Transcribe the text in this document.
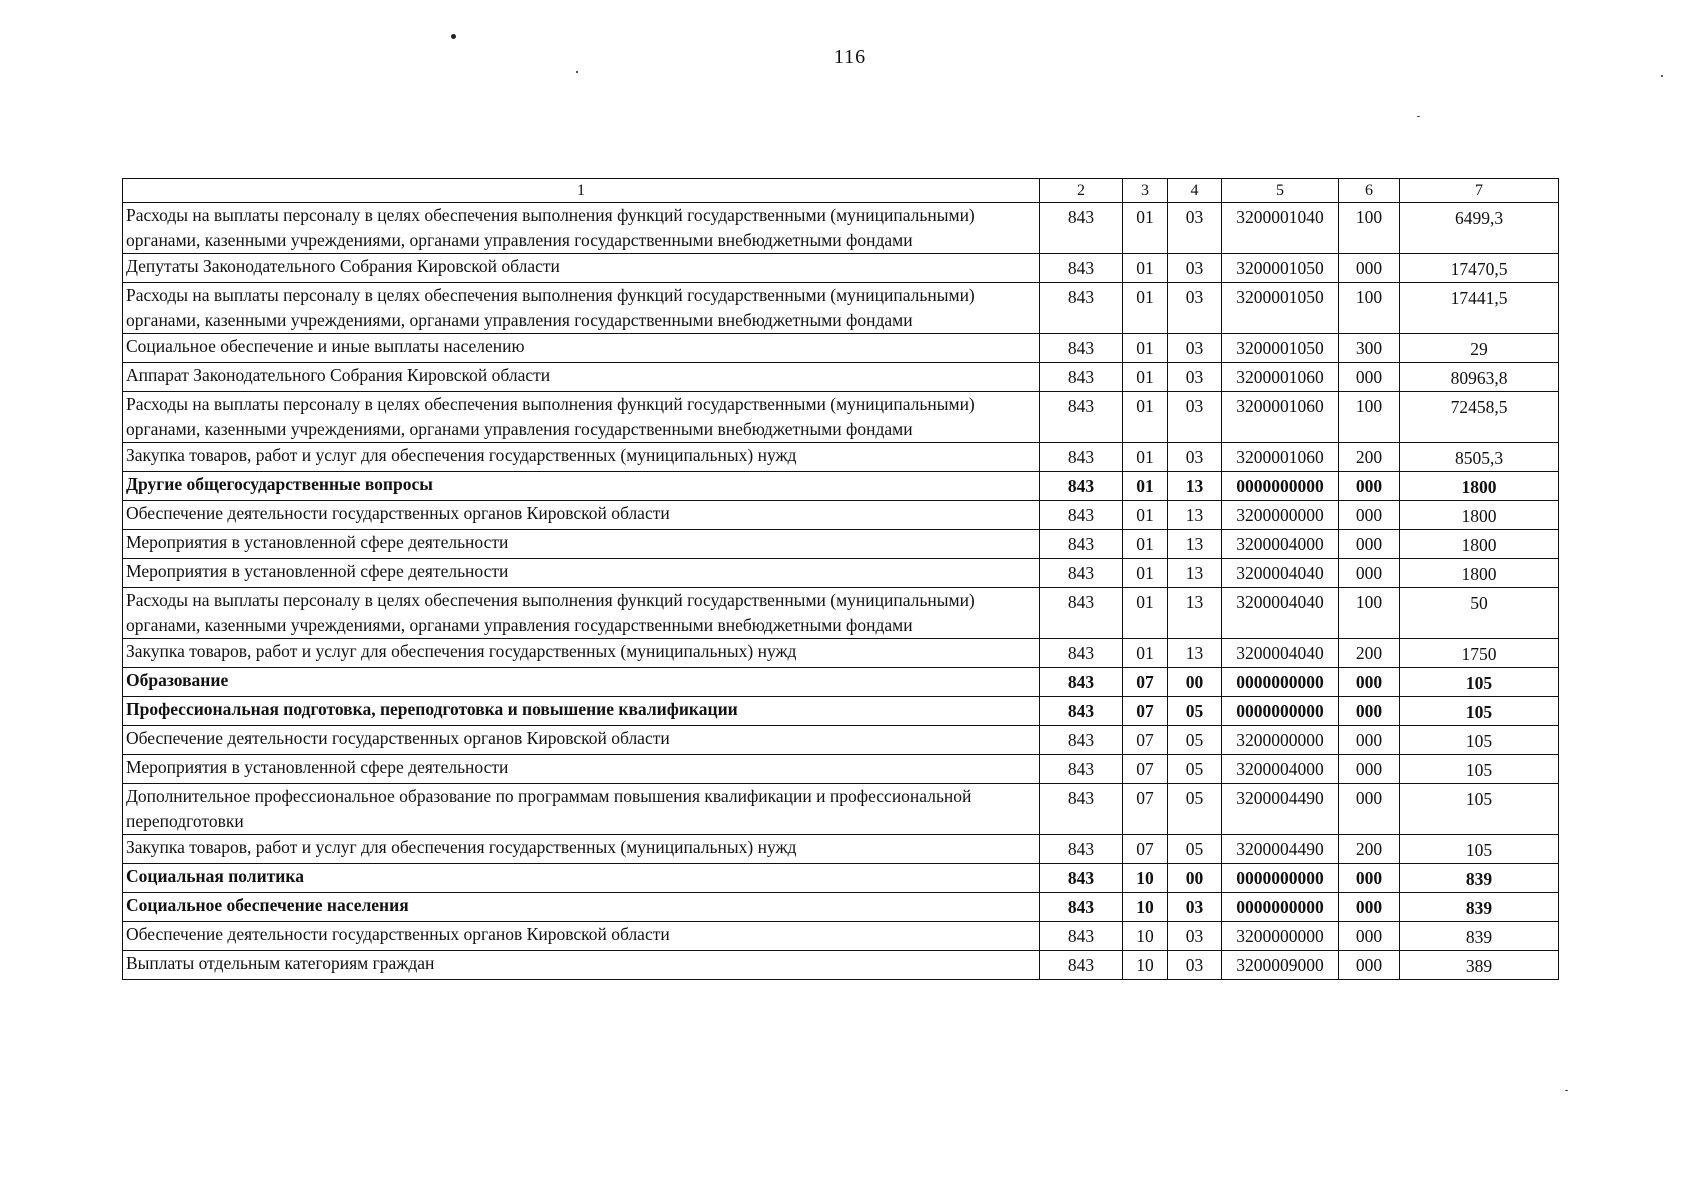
116
1	2	3	4	5	6	7
Расходы на выплаты персоналу в целях обеспечения выполнения функций государственными (муниципальными) органами, казенными учреждениями, органами управления государственными внебюджетными фондами	843	01	03	3200001040	100	6499,3
Депутаты Законодательного Собрания Кировской области	843	01	03	3200001050	000	17470,5
Расходы на выплаты персоналу в целях обеспечения выполнения функций государственными (муниципальными) органами, казенными учреждениями, органами управления государственными внебюджетными фондами	843	01	03	3200001050	100	17441,5
Социальное обеспечение и иные выплаты населению	843	01	03	3200001050	300	29
Аппарат Законодательного Собрания Кировской области	843	01	03	3200001060	000	80963,8
Расходы на выплаты персоналу в целях обеспечения выполнения функций государственными (муниципальными) органами, казенными учреждениями, органами управления государственными внебюджетными фондами	843	01	03	3200001060	100	72458,5
Закупка товаров, работ и услуг для обеспечения государственных (муниципальных) нужд	843	01	03	3200001060	200	8505,3
Другие общегосударственные вопросы	843	01	13	0000000000	000	1800
Обеспечение деятельности государственных органов Кировской области	843	01	13	3200000000	000	1800
Мероприятия в установленной сфере деятельности	843	01	13	3200004000	000	1800
Мероприятия в установленной сфере деятельности	843	01	13	3200004040	000	1800
Расходы на выплаты персоналу в целях обеспечения выполнения функций государственными (муниципальными) органами, казенными учреждениями, органами управления государственными внебюджетными фондами	843	01	13	3200004040	100	50
Закупка товаров, работ и услуг для обеспечения государственных (муниципальных) нужд	843	01	13	3200004040	200	1750
Образование	843	07	00	0000000000	000	105
Профессиональная подготовка, переподготовка и повышение квалификации	843	07	05	0000000000	000	105
Обеспечение деятельности государственных органов Кировской области	843	07	05	3200000000	000	105
Мероприятия в установленной сфере деятельности	843	07	05	3200004000	000	105
Дополнительное профессиональное образование по программам повышения квалификации и профессиональной переподготовки	843	07	05	3200004490	000	105
Закупка товаров, работ и услуг для обеспечения государственных (муниципальных) нужд	843	07	05	3200004490	200	105
Социальная политика	843	10	00	0000000000	000	839
Социальное обеспечение населения	843	10	03	0000000000	000	839
Обеспечение деятельности государственных органов Кировской области	843	10	03	3200000000	000	839
Выплаты отдельным категориям граждан	843	10	03	3200009000	000	389
